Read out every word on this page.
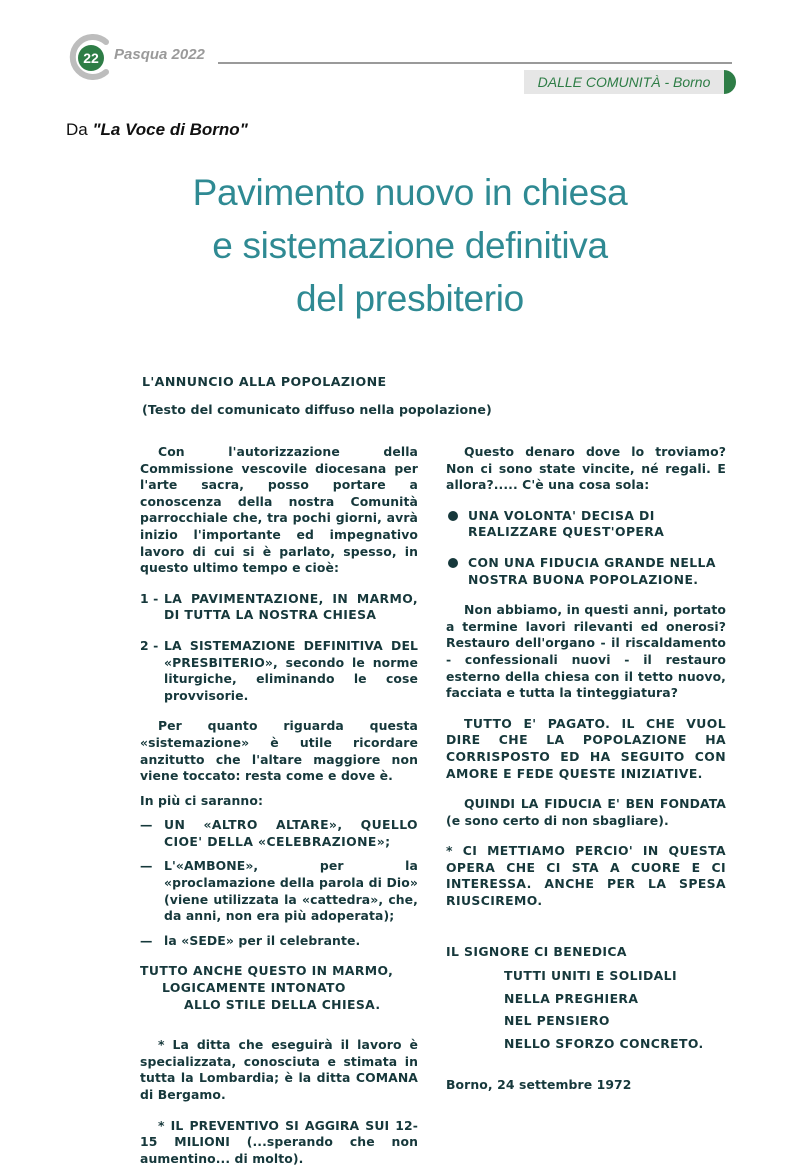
22	Pasqua 2022
DALLE COMUNITÀ - Borno
Da "La Voce di Borno"
Pavimento nuovo in chiesa
e sistemazione definitiva
del presbiterio
L'ANNUNCIO ALLA POPOLAZIONE
(Testo del comunicato diffuso nella popolazione)

Con l'autorizzazione della Commissione vescovile diocesana per l'arte sacra, posso portare a conoscenza della nostra Comunità parrocchiale che, tra pochi giorni, avrà inizio l'importante ed impegnativo lavoro di cui si è parlato, spesso, in questo ultimo tempo e cioè:

1 - LA PAVIMENTAZIONE, IN MARMO, DI TUTTA LA NOSTRA CHIESA
2 - LA SISTEMAZIONE DEFINITIVA DEL «PRESBITERIO», secondo le norme liturgiche, eliminando le cose provvisorie.

Per quanto riguarda questa «sistemazione» è utile ricordare anzitutto che l'altare maggiore non viene toccato: resta come e dove è.

In più ci saranno:

— UN «ALTRO ALTARE», QUELLO CIOE' DELLA «CELEBRAZIONE»;
— L'«AMBONE», per la «proclamazione della parola di Dio» (viene utilizzata la «cattedra», che, da anni, non era più adoperata);
— la «SEDE» per il celebrante.
TUTTO ANCHE QUESTO IN MARMO,
LOGICAMENTE INTONATO
ALLO STILE DELLA CHIESA.

* La ditta che eseguirà il lavoro è specializzata, conosciuta e stimata in tutta la Lombardia; è la ditta COMANA di Bergamo.

* IL PREVENTIVO SI AGGIRA SUI 12-15 MILIONI (...sperando che non aumentino... di molto).

Questo denaro dove lo troviamo? Non ci sono state vincite, né regali. E allora?..... C'è una cosa sola:

UNA VOLONTA' DECISA DI REALIZZARE QUEST'OPERA
CON UNA FIDUCIA GRANDE NELLA NOSTRA BUONA POPOLAZIONE.

Non abbiamo, in questi anni, portato a termine lavori rilevanti ed onerosi? Restauro dell'organo - il riscaldamento - confessionali nuovi - il restauro esterno della chiesa con il tetto nuovo, facciata e tutta la tinteggiatura?

TUTTO E' PAGATO. IL CHE VUOL DIRE CHE LA POPOLAZIONE HA CORRISPOSTO ED HA SEGUITO CON AMORE E FEDE QUESTE INIZIATIVE.

QUINDI LA FIDUCIA E' BEN FONDATA (e sono certo di non sbagliare).

* CI METTIAMO PERCIO' IN QUESTA OPERA CHE CI STA A CUORE E CI INTERESSA. ANCHE PER LA SPESA RIUSCIREMO.

IL SIGNORE CI BENEDICA

TUTTI UNITI E SOLIDALI

NELLA PREGHIERA

NEL PENSIERO

NELLO SFORZO CONCRETO.

Borno, 24 settembre 1972
